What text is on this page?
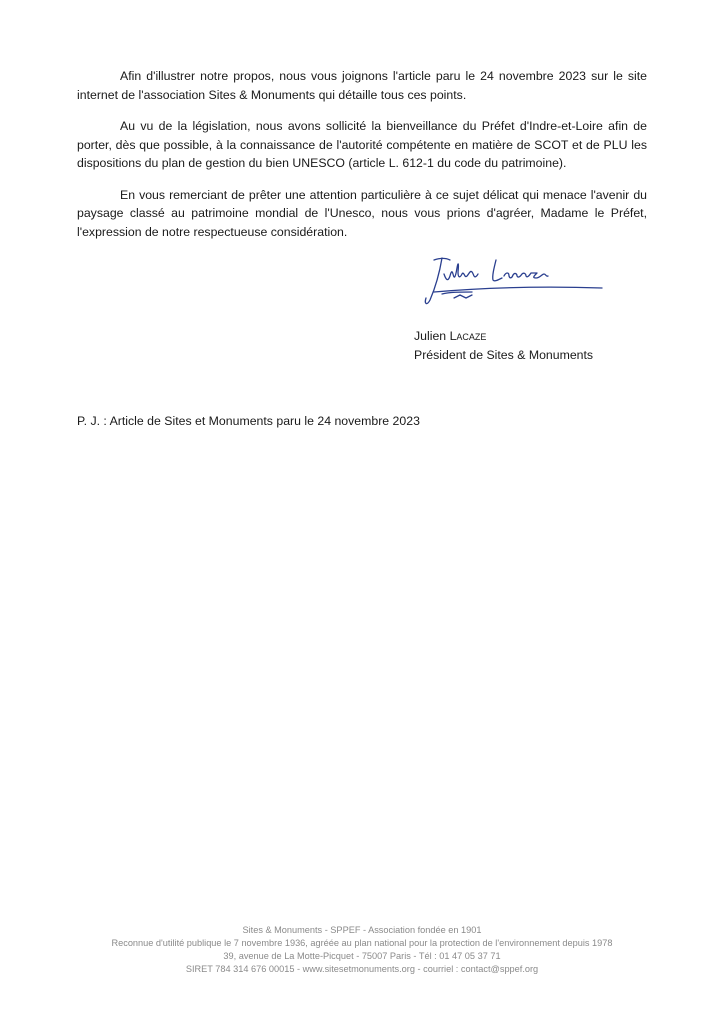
Afin d'illustrer notre propos, nous vous joignons l'article paru le 24 novembre 2023 sur le site internet de l'association Sites & Monuments qui détaille tous ces points.

Au vu de la législation, nous avons sollicité la bienveillance du Préfet d'Indre-et-Loire afin de porter, dès que possible, à la connaissance de l'autorité compétente en matière de SCOT et de PLU les dispositions du plan de gestion du bien UNESCO (article L. 612-1 du code du patrimoine).

En vous remerciant de prêter une attention particulière à ce sujet délicat qui menace l'avenir du paysage classé au patrimoine mondial de l'Unesco, nous vous prions d'agréer, Madame le Préfet, l'expression de notre respectueuse considération.

Julien Lacaze
Président de Sites & Monuments
P. J. : Article de Sites et Monuments paru le 24 novembre 2023
Sites & Monuments - SPPEF - Association fondée en 1901
Reconnue d'utilité publique le 7 novembre 1936, agréée au plan national pour la protection de l'environnement depuis 1978
39, avenue de La Motte-Picquet - 75007 Paris - Tél : 01 47 05 37 71
SIRET 784 314 676 00015 - www.sitesetmonuments.org - courriel : contact@sppef.org
